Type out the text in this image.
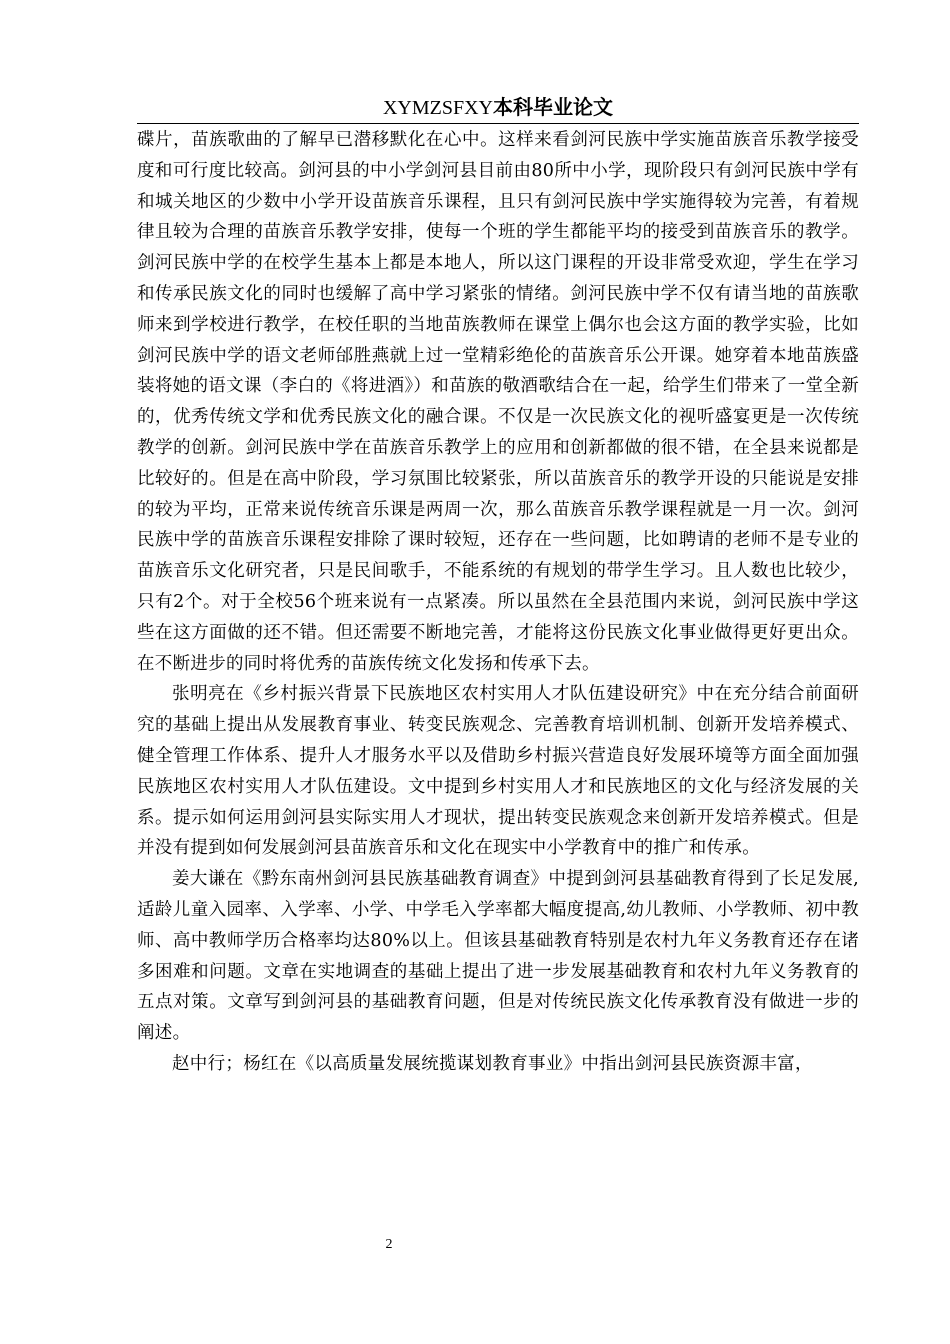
XYMZSFXY本科毕业论文

碟片，苗族歌曲的了解早已潜移默化在心中。这样来看剑河民族中学实施苗族音乐教学接受度和可行度比较高。剑河县的中小学剑河县目前由80所中小学，现阶段只有剑河民族中学有和城关地区的少数中小学开设苗族音乐课程，且只有剑河民族中学实施得较为完善，有着规律且较为合理的苗族音乐教学安排，使每一个班的学生都能平均的接受到苗族音乐的教学。剑河民族中学的在校学生基本上都是本地人，所以这门课程的开设非常受欢迎，学生在学习和传承民族文化的同时也缓解了高中学习紧张的情绪。剑河民族中学不仅有请当地的苗族歌师来到学校进行教学，在校任职的当地苗族教师在课堂上偶尔也会这方面的教学实验，比如剑河民族中学的语文老师邰胜燕就上过一堂精彩绝伦的苗族音乐公开课。她穿着本地苗族盛装将她的语文课（李白的《将进酒》）和苗族的敬酒歌结合在一起，给学生们带来了一堂全新的，优秀传统文学和优秀民族文化的融合课。不仅是一次民族文化的视听盛宴更是一次传统教学的创新。剑河民族中学在苗族音乐教学上的应用和创新都做的很不错，在全县来说都是比较好的。但是在高中阶段，学习氛围比较紧张，所以苗族音乐的教学开设的只能说是安排的较为平均，正常来说传统音乐课是两周一次，那么苗族音乐教学课程就是一月一次。剑河民族中学的苗族音乐课程安排除了课时较短，还存在一些问题，比如聘请的老师不是专业的苗族音乐文化研究者，只是民间歌手，不能系统的有规划的带学生学习。且人数也比较少，只有2个。对于全校56个班来说有一点紧凑。所以虽然在全县范围内来说，剑河民族中学这些在这方面做的还不错。但还需要不断地完善，才能将这份民族文化事业做得更好更出众。在不断进步的同时将优秀的苗族传统文化发扬和传承下去。

张明亮在《乡村振兴背景下民族地区农村实用人才队伍建设研究》中在充分结合前面研究的基础上提出从发展教育事业、转变民族观念、完善教育培训机制、创新开发培养模式、健全管理工作体系、提升人才服务水平以及借助乡村振兴营造良好发展环境等方面全面加强民族地区农村实用人才队伍建设。文中提到乡村实用人才和民族地区的文化与经济发展的关系。提示如何运用剑河县实际实用人才现状，提出转变民族观念来创新开发培养模式。但是并没有提到如何发展剑河县苗族音乐和文化在现实中小学教育中的推广和传承。

姜大谦在《黔东南州剑河县民族基础教育调查》中提到剑河县基础教育得到了长足发展,适龄儿童入园率、入学率、小学、中学毛入学率都大幅度提高,幼儿教师、小学教师、初中教师、高中教师学历合格率均达80%以上。但该县基础教育特别是农村九年义务教育还存在诸多困难和问题。文章在实地调查的基础上提出了进一步发展基础教育和农村九年义务教育的五点对策。文章写到剑河县的基础教育问题，但是对传统民族文化传承教育没有做进一步的阐述。

赵中行；杨红在《以高质量发展统揽谋划教育事业》中指出剑河县民族资源丰富，

2
